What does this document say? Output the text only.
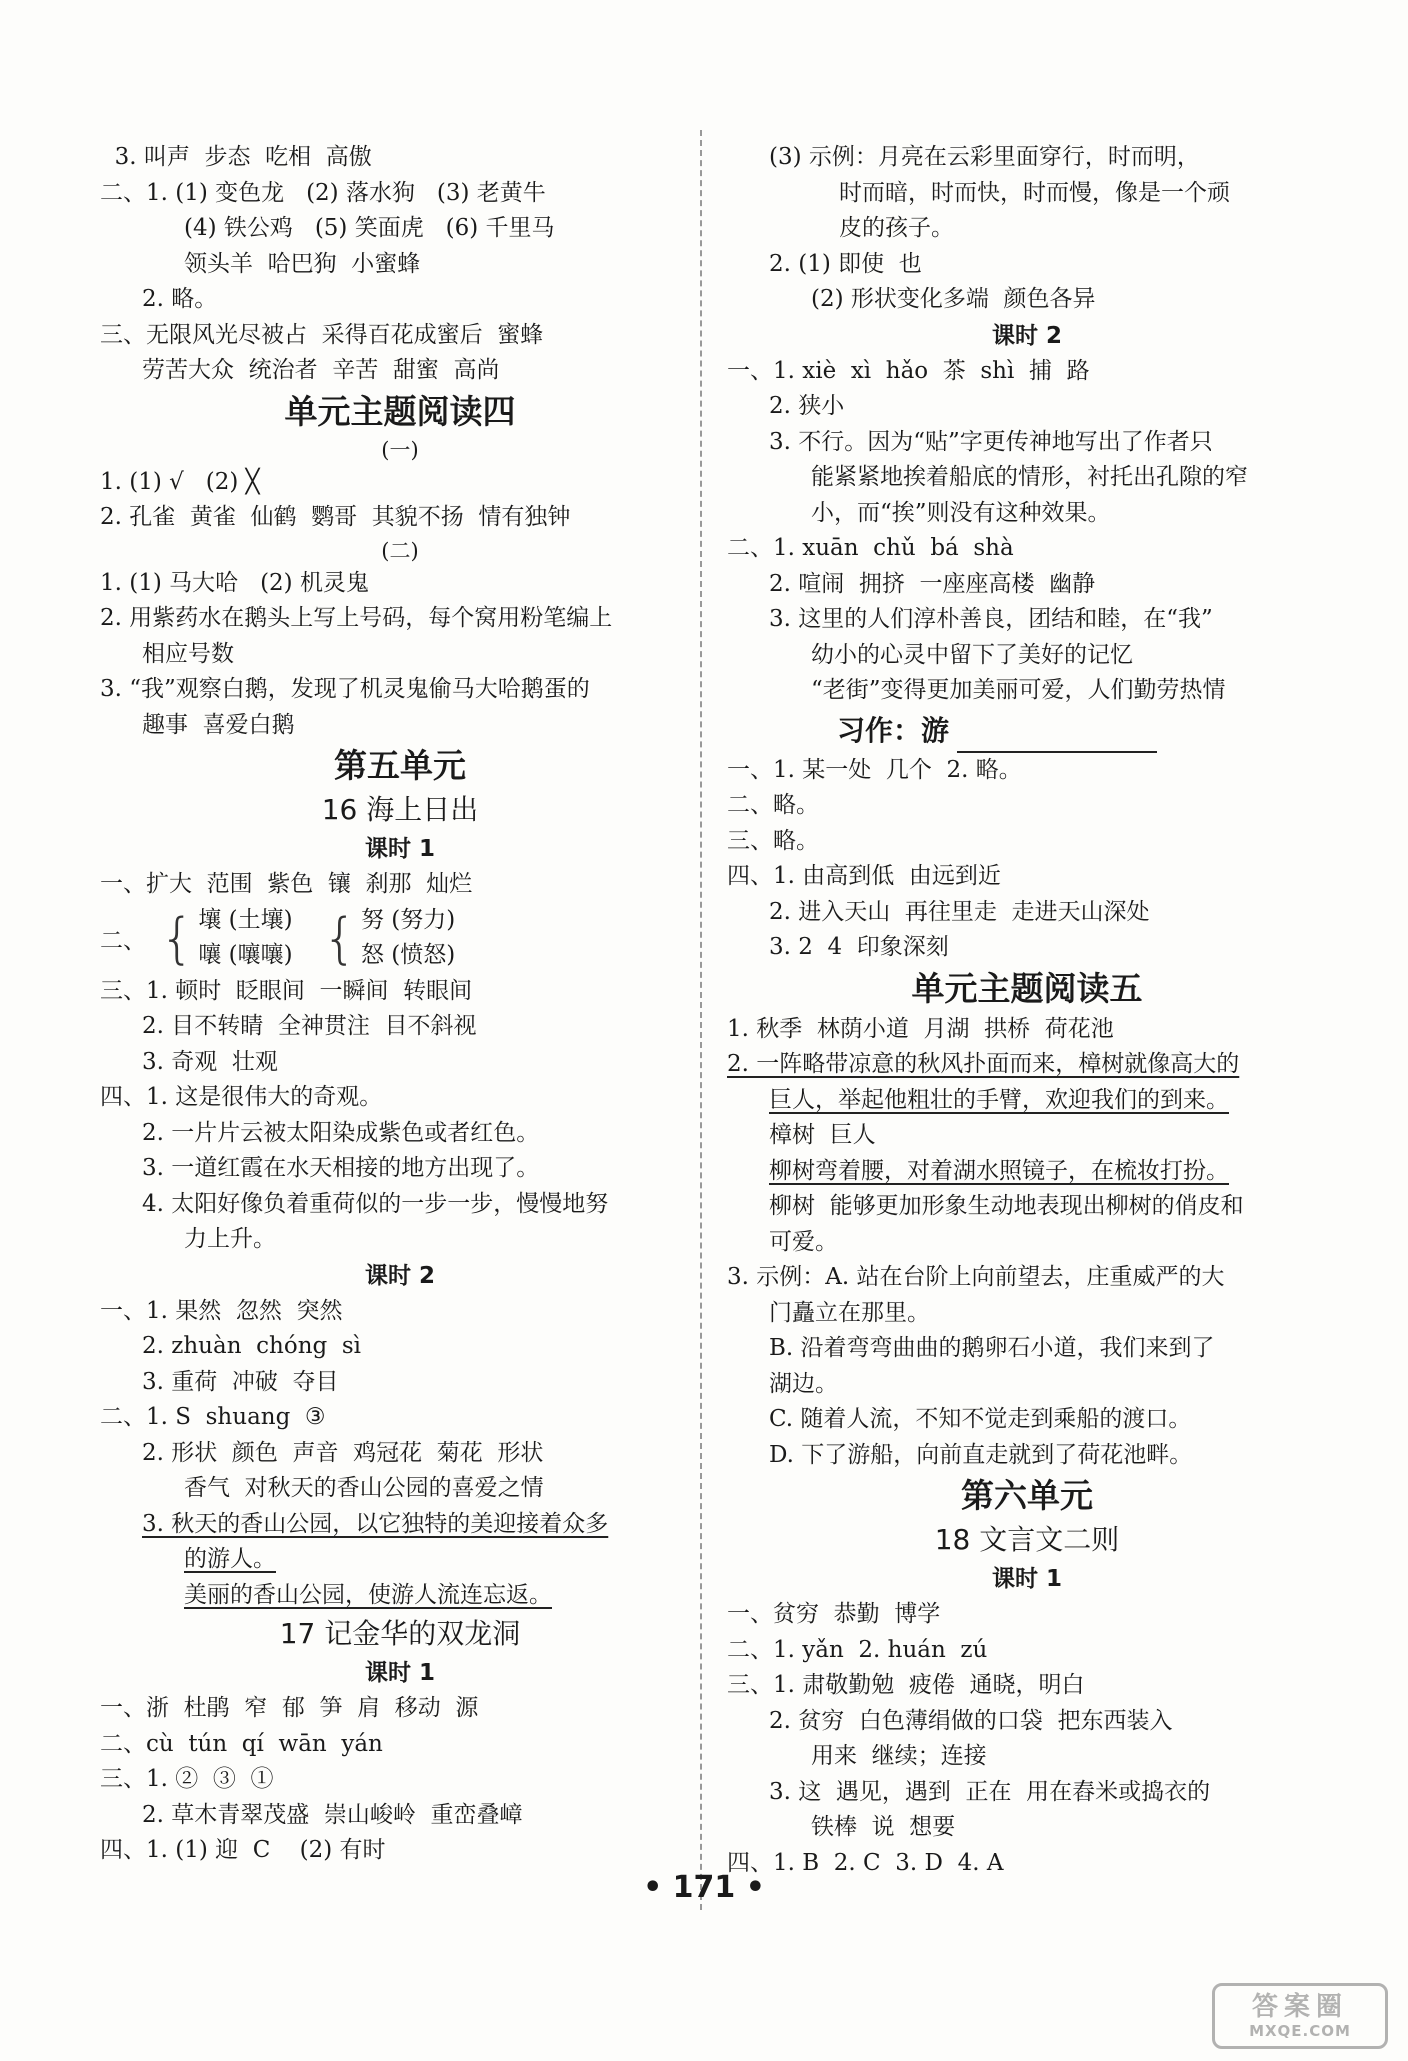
3. 叫声  步态  吃相  高傲
二、1. (1) 变色龙   (2) 落水狗   (3) 老黄牛
(4) 铁公鸡   (5) 笑面虎   (6) 千里马
领头羊  哈巴狗  小蜜蜂
2. 略。
三、无限风光尽被占  采得百花成蜜后  蜜蜂
劳苦大众  统治者  辛苦  甜蜜  高尚
单元主题阅读四
(一)
1. (1) √   (2) ╳
2. 孔雀  黄雀  仙鹤  鹦哥  其貌不扬  情有独钟
(二)
1. (1) 马大哈   (2) 机灵鬼
2. 用紫药水在鹅头上写上号码，每个窝用粉笔编上
相应号数
3. “我”观察白鹅，发现了机灵鬼偷马大哈鹅蛋的
趣事  喜爱白鹅
第五单元
16 海上日出
课时 1
一、扩大  范围  紫色  镶  刹那  灿烂
二、 { 壤 (土壤)
嚷 (嚷嚷) { 努 (努力)
怒 (愤怒)
三、1. 顿时  眨眼间  一瞬间  转眼间
2. 目不转睛  全神贯注  目不斜视
3. 奇观  壮观
四、1. 这是很伟大的奇观。
2. 一片片云被太阳染成紫色或者红色。
3. 一道红霞在水天相接的地方出现了。
4. 太阳好像负着重荷似的一步一步，慢慢地努
力上升。
课时 2
一、1. 果然  忽然  突然
2. zhuàn  chóng  sì
3. 重荷  冲破  夺目
二、1. S  shuang  ③
2. 形状  颜色  声音  鸡冠花  菊花  形状
香气  对秋天的香山公园的喜爱之情
3. 秋天的香山公园，以它独特的美迎接着众多
的游人。
美丽的香山公园，使游人流连忘返。
17 记金华的双龙洞
课时 1
一、浙  杜鹃  窄  郁  笋  肩  移动  源
二、cù  tún  qí  wān  yán
三、1. ②  ③  ①
2. 草木青翠茂盛  崇山峻岭  重峦叠嶂
四、1. (1) 迎  C    (2) 有时
(3) 示例：月亮在云彩里面穿行，时而明，
时而暗，时而快，时而慢，像是一个顽
皮的孩子。
2. (1) 即使  也
(2) 形状变化多端  颜色各异
课时 2
一、1. xiè  xì  hǎo  茶  shì  捕  路
2. 狭小
3. 不行。因为“贴”字更传神地写出了作者只
能紧紧地挨着船底的情形，衬托出孔隙的窄
小，而“挨”则没有这种效果。
二、1. xuān  chǔ  bá  shà
2. 喧闹  拥挤  一座座高楼  幽静
3. 这里的人们淳朴善良，团结和睦，在“我”
幼小的心灵中留下了美好的记忆
“老街”变得更加美丽可爱，人们勤劳热情
习作：游
一、1. 某一处  几个  2. 略。
二、略。
三、略。
四、1. 由高到低  由远到近
2. 进入天山  再往里走  走进天山深处
3. 2  4  印象深刻
单元主题阅读五
1. 秋季  林荫小道  月湖  拱桥  荷花池
2. 一阵略带凉意的秋风扑面而来，樟树就像高大的
巨人，举起他粗壮的手臂，欢迎我们的到来。
樟树  巨人
柳树弯着腰，对着湖水照镜子，在梳妆打扮。
柳树  能够更加形象生动地表现出柳树的俏皮和
可爱。
3. 示例：A. 站在台阶上向前望去，庄重威严的大
门矗立在那里。
B. 沿着弯弯曲曲的鹅卵石小道，我们来到了
湖边。
C. 随着人流，不知不觉走到乘船的渡口。
D. 下了游船，向前直走就到了荷花池畔。
第六单元
18 文言文二则
课时 1
一、贫穷  恭勤  博学
二、1. yǎn  2. huán  zú
三、1. 肃敬勤勉  疲倦  通晓，明白
2. 贫穷  白色薄绢做的口袋  把东西装入
用来  继续；连接
3. 这  遇见，遇到  正在  用在舂米或捣衣的
铁棒  说  想要
四、1. B  2. C  3. D  4. A
• 171 •
答案圈
MXQE.COM
